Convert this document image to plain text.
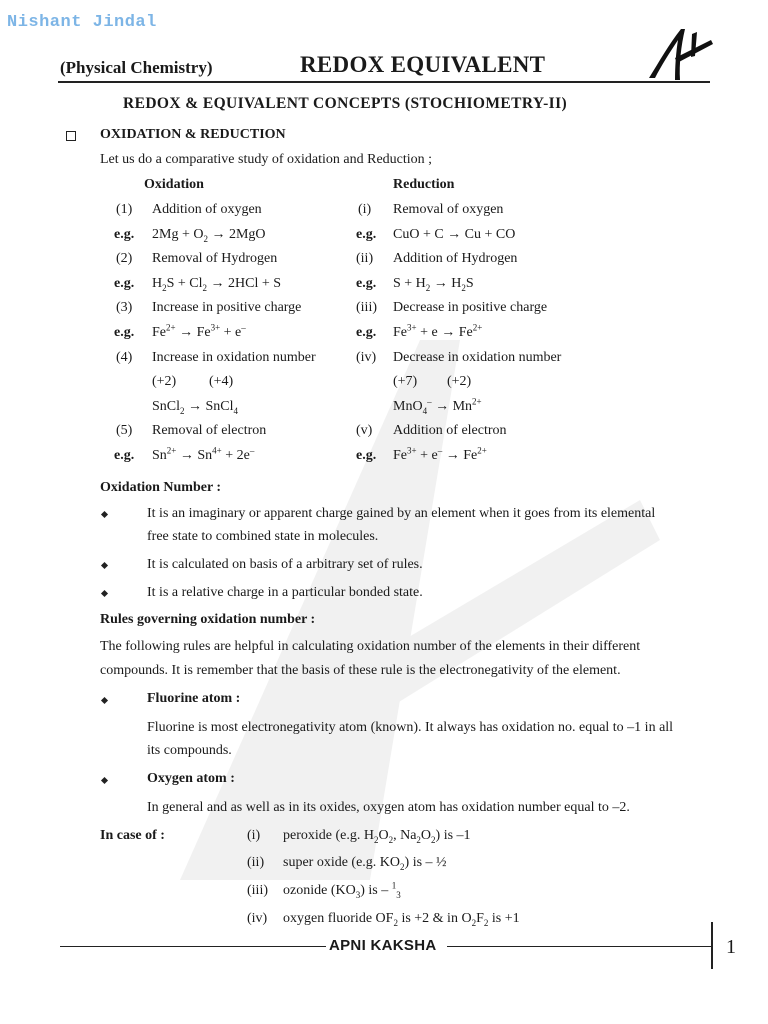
Nishant Jindal
(Physical Chemistry)	REDOX EQUIVALENT
REDOX & EQUIVALENT CONCEPTS (STOCHIOMETRY-II)
OXIDATION & REDUCTION
Let us do a comparative study of oxidation and Reduction ;
Oxidation	Reduction
(1) Addition of oxygen	(i) Removal of oxygen
e.g. $2Mg + O_2 \to 2MgO$	e.g. CuO + C → Cu + CO
(2) Removal of Hydrogen	(ii) Addition of Hydrogen
e.g. $H_2S + Cl_2 \to 2HCl + S$	e.g. $S + H_2 \to H_2S$
(3) Increase in positive charge	(iii) Decrease in positive charge
e.g. $Fe^{2+} \to Fe^{3+} + e^-$	e.g. $Fe^{3+} + e \to Fe^{2+}$
(4) Increase in oxidation number	(iv) Decrease in oxidation number
(+2) (+4)	(+7) (+2)
SnCl$_2$ → SnCl$_4$	$MnO_4^- \to Mn^{2+}$
(5) Removal of electron	(v) Addition of electron
e.g. $Sn^{2+} \to Sn^{4+} + 2e^-$	e.g. $Fe^{3+} + e^- \to Fe^{2+}$
Oxidation Number :
It is an imaginary or apparent charge gained by an element when it goes from its elemental
free state to combined state in molecules.
It is calculated on basis of a arbitrary set of rules.
It is a relative charge in a particular bonded state.
Rules governing oxidation number :
The following rules are helpful in calculating oxidation number of the elements in their different
compounds. It is remember that the basis of these rule is the electronegativity of the element.
Fluorine atom :
Fluorine is most electronegativity atom (known). It always has oxidation no. equal to –1 in all
its compounds.
Oxygen atom :
In general and as well as in its oxides, oxygen atom has oxidation number equal to –2.
In case of :	(i) peroxide (e.g. $H_2O_2$, $Na_2O_2$) is –1
(ii) super oxide (e.g. $KO_2$) is – ½
(iii) ozonide $(KO_3)$ is – $^1_3$
(iv) oxygen fluoride $OF_2$ is +2 & in $O_2F_2$ is +1
APNI KAKSHA	1
